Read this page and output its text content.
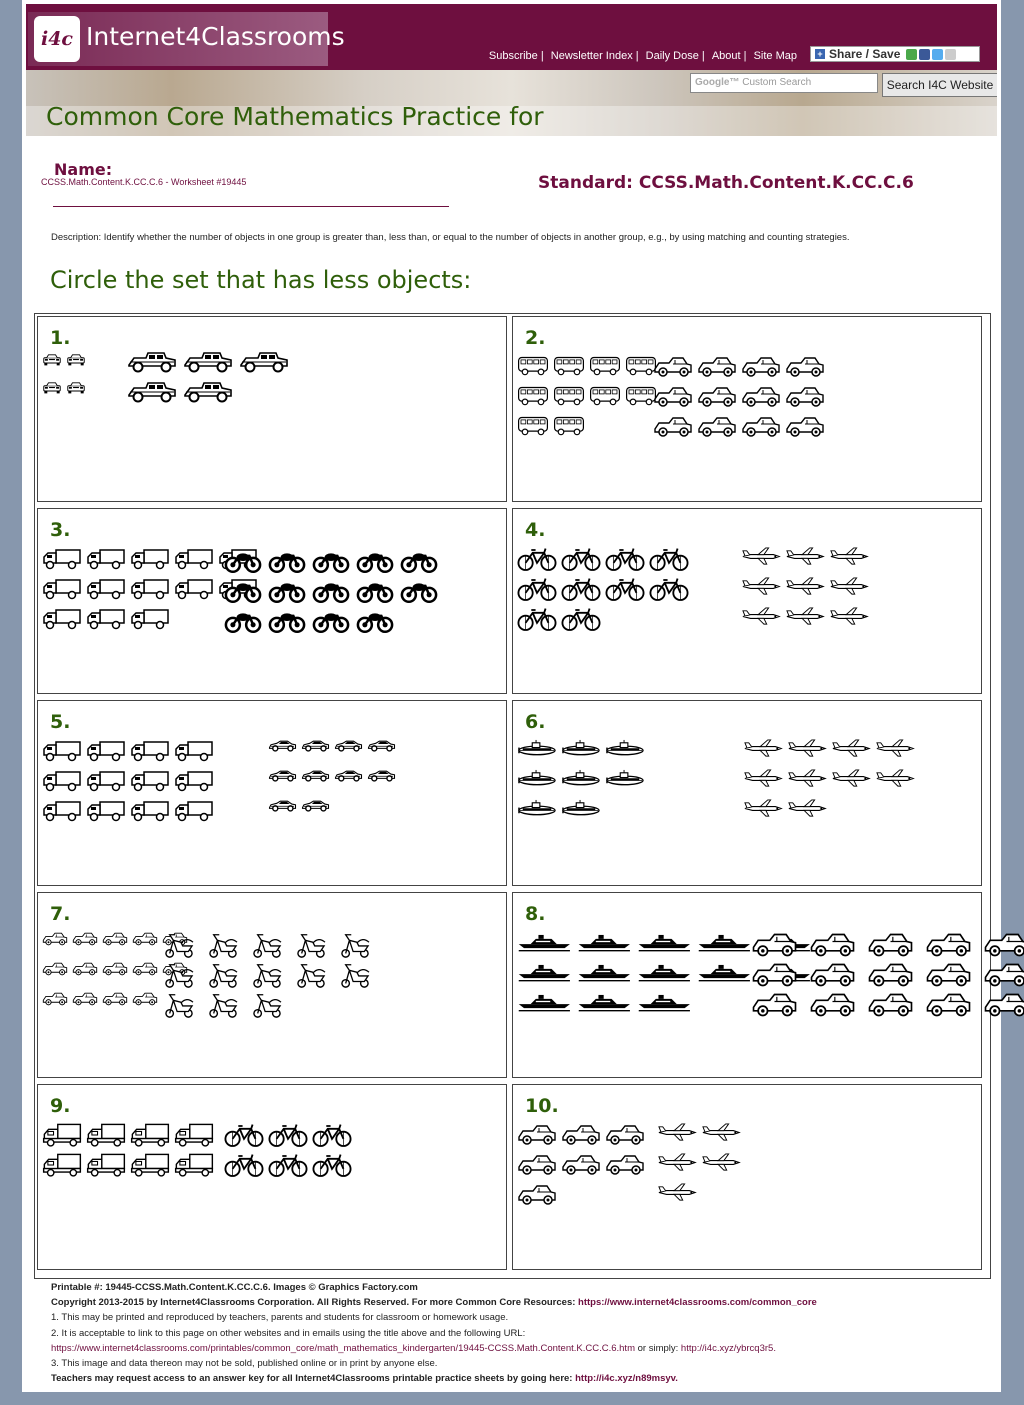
i4c Internet4Classrooms
Subscribe | Newsletter Index | Daily Dose | About | Site Map + Share / Save
Google™ Custom Search	Search I4C Website
Common Core Mathematics Practice for
Name:
CCSS.Math.Content.K.CC.C.6 - Worksheet #19445	Standard: CCSS.Math.Content.K.CC.C.6
Description: Identify whether the number of objects in one group is greater than, less than, or equal to the number of objects in another group, e.g., by using matching and counting strategies.
Circle the set that has less objects:
1.	2.
3.	4.
5.	6.
7.	8.
9.	10.
Printable #: 19445-CCSS.Math.Content.K.CC.C.6. Images © Graphics Factory.com
Copyright 2013-2015 by Internet4Classrooms Corporation. All Rights Reserved. For more Common Core Resources: https://www.internet4classrooms.com/common_core
1. This may be printed and reproduced by teachers, parents and students for classroom or homework usage.
2. It is acceptable to link to this page on other websites and in emails using the title above and the following URL:
https://www.internet4classrooms.com/printables/common_core/math_mathematics_kindergarten/19445-CCSS.Math.Content.K.CC.C.6.htm or simply: http://i4c.xyz/ybrcq3r5.
3. This image and data thereon may not be sold, published online or in print by anyone else.
Teachers may request access to an answer key for all Internet4Classrooms printable practice sheets by going here: http://i4c.xyz/n89msyv.
